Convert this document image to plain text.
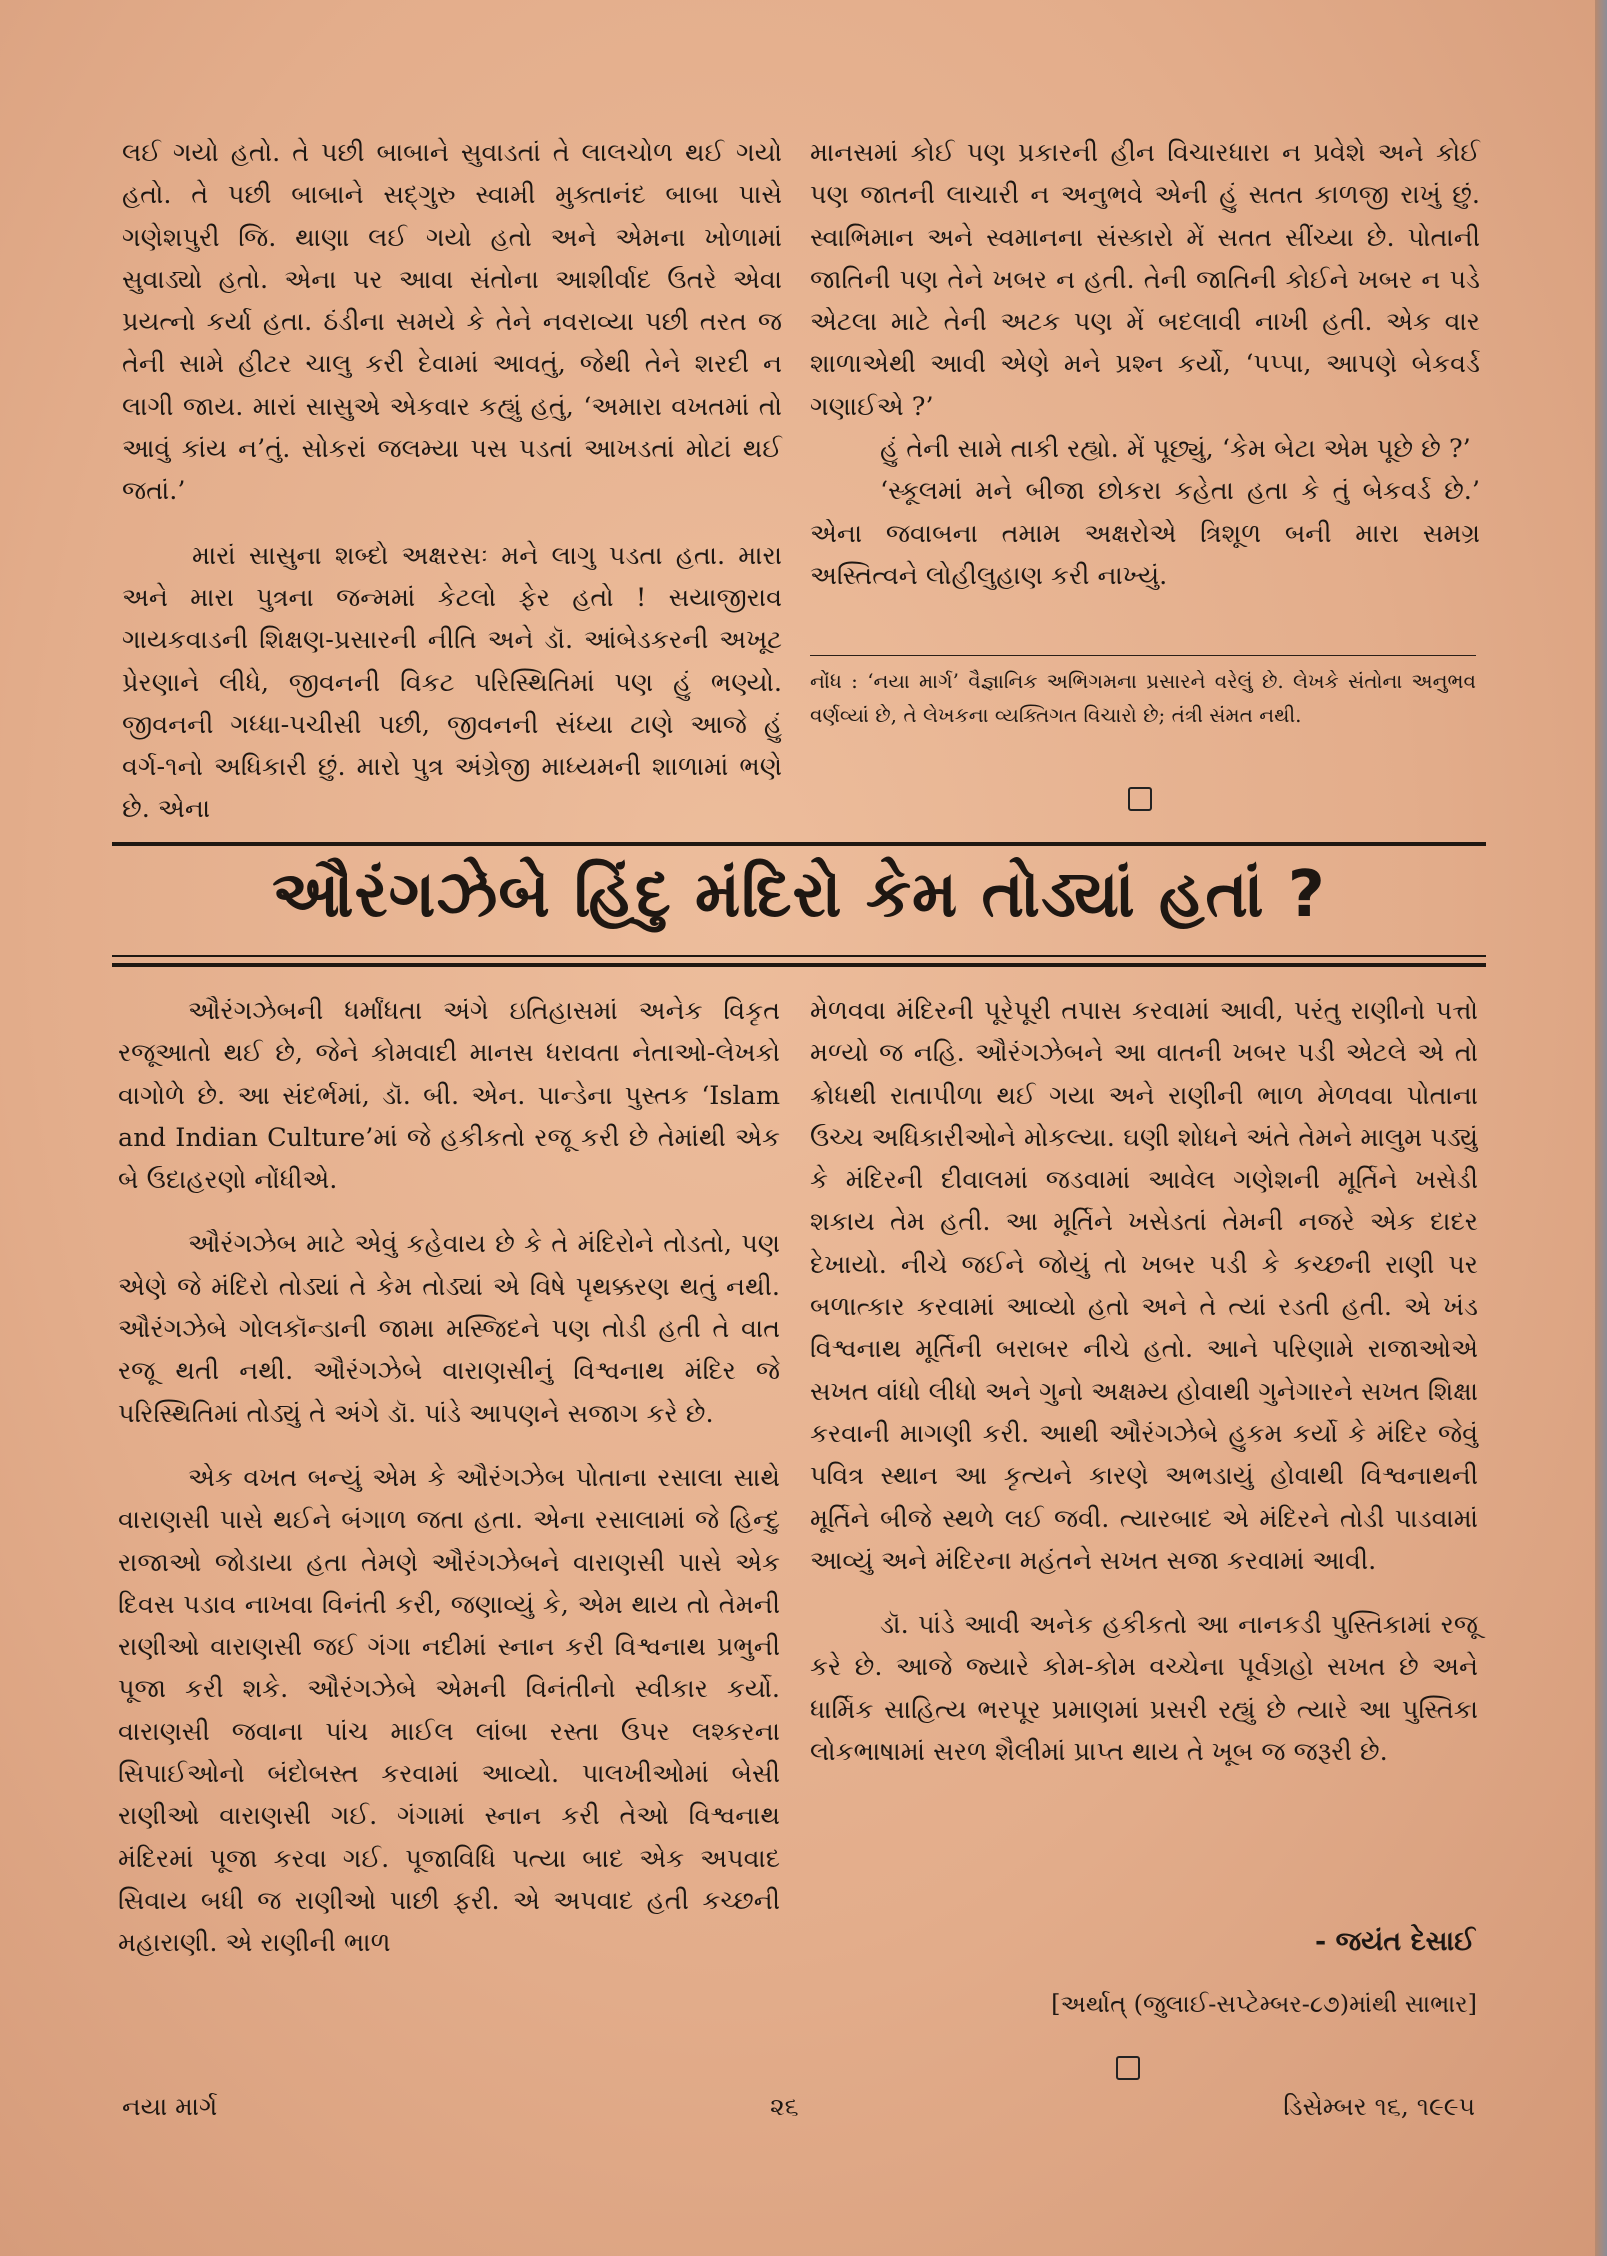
લઈ ગયો હતો. તે પછી બાબાને સુવાડતાં તે લાલચોળ થઈ ગયો હતો. તે પછી બાબાને સદ્ગુરુ સ્વામી મુક્તાનંદ બાબા પાસે ગણેશપુરી જિ. થાણા લઈ ગયો હતો અને એમના ખોળામાં સુવાડ્યો હતો. એના પર આવા સંતોના આશીર્વાદ ઉતરે એવા પ્રયત્નો કર્યા હતા. ઠંડીના સમયે કે તેને નવરાવ્યા પછી તરત જ તેની સામે હીટર ચાલુ કરી દેવામાં આવતું, જેથી તેને શરદી ન લાગી જાય. મારાં સાસુએ એકવાર કહ્યું હતું, ‘અમારા વખતમાં તો આવું કાંય ન’તું. સોકરાં જલમ્યા પસ પડતાં આખડતાં મોટાં થઈ જતાં.’

મારાં સાસુના શબ્દો અક્ષરસઃ મને લાગુ પડતા હતા. મારા અને મારા પુત્રના જન્મમાં કેટલો ફેર હતો ! સયાજીરાવ ગાયકવાડની શિક્ષણ-પ્રસારની નીતિ અને ડૉ. આંબેડકરની અખૂટ પ્રેરણાને લીધે, જીવનની વિકટ પરિસ્થિતિમાં પણ હું ભણ્યો. જીવનની ગધ્ધા-પચીસી પછી, જીવનની સંધ્યા ટાણે આજે હું વર્ગ-૧નો અધિકારી છું. મારો પુત્ર અંગ્રેજી માધ્યમની શાળામાં ભણે છે. એના

માનસમાં કોઈ પણ પ્રકારની હીન વિચારધારા ન પ્રવેશે અને કોઈ પણ જાતની લાચારી ન અનુભવે એની હું સતત કાળજી રાખું છું. સ્વાભિમાન અને સ્વમાનના સંસ્કારો મેં સતત સીંચ્યા છે. પોતાની જાતિની પણ તેને ખબર ન હતી. તેની જાતિની કોઈને ખબર ન પડે એટલા માટે તેની અટક પણ મેં બદલાવી નાખી હતી. એક વાર શાળાએથી આવી એણે મને પ્રશ્ન કર્યો, ‘પપ્પા, આપણે બેકવર્ડ ગણાઈએ ?’

હું તેની સામે તાકી રહ્યો. મેં પૂછ્યું, ‘કેમ બેટા એમ પૂછે છે ?’

‘સ્કૂલમાં મને બીજા છોકરા કહેતા હતા કે તું બેકવર્ડ છે.’ એના જવાબના તમામ અક્ષરોએ ત્રિશૂળ બની મારા સમગ્ર અસ્તિત્વને લોહીલુહાણ કરી નાખ્યું.

નોંધ : ‘નયા માર્ગ’ વૈજ્ઞાનિક અભિગમના પ્રસારને વરેલું છે. લેખકે સંતોના અનુભવ વર્ણવ્યાં છે, તે લેખકના વ્યક્તિગત વિચારો છે; તંત્રી સંમત નથી.
ઔરંગઝેબે હિંદુ મંદિરો કેમ તોડ્યાં હતાં ?

ઔરંગઝેબની ધર્માંધતા અંગે ઇતિહાસમાં અનેક વિકૃત રજૂઆતો થઈ છે, જેને કોમવાદી માનસ ધરાવતા નેતાઓ-લેખકો વાગોળે છે. આ સંદર્ભમાં, ડૉ. બી. એન. પાન્ડેના પુસ્તક ‘Islam and Indian Culture’માં જે હકીકતો રજૂ કરી છે તેમાંથી એક બે ઉદાહરણો નોંધીએ.

ઔરંગઝેબ માટે એવું કહેવાય છે કે તે મંદિરોને તોડતો, પણ એણે જે મંદિરો તોડ્યાં તે કેમ તોડ્યાં એ વિષે પૃથક્કરણ થતું નથી. ઔરંગઝેબે ગોલકૉન્ડાની જામા મસ્જિદને પણ તોડી હતી તે વાત રજૂ થતી નથી. ઔરંગઝેબે વારાણસીનું વિશ્વનાથ મંદિર જે પરિસ્થિતિમાં તોડ્યું તે અંગે ડૉ. પાંડે આપણને સજાગ કરે છે.

એક વખત બન્યું એમ કે ઔરંગઝેબ પોતાના રસાલા સાથે વારાણસી પાસે થઈને બંગાળ જતા હતા. એના રસાલામાં જે હિન્દુ રાજાઓ જોડાયા હતા તેમણે ઔરંગઝેબને વારાણસી પાસે એક દિવસ પડાવ નાખવા વિનંતી કરી, જણાવ્યું કે, એમ થાય તો તેમની રાણીઓ વારાણસી જઈ ગંગા નદીમાં સ્નાન કરી વિશ્વનાથ પ્રભુની પૂજા કરી શકે. ઔરંગઝેબે એમની વિનંતીનો સ્વીકાર કર્યો. વારાણસી જવાના પાંચ માઈલ લાંબા રસ્તા ઉપર લશ્કરના સિપાઈઓનો બંદોબસ્ત કરવામાં આવ્યો. પાલખીઓમાં બેસી રાણીઓ વારાણસી ગઈ. ગંગામાં સ્નાન કરી તેઓ વિશ્વનાથ મંદિરમાં પૂજા કરવા ગઈ. પૂજાવિધિ પત્યા બાદ એક અપવાદ સિવાય બધી જ રાણીઓ પાછી ફરી. એ અપવાદ હતી કચ્છની મહારાણી. એ રાણીની ભાળ

મેળવવા મંદિરની પૂરેપૂરી તપાસ કરવામાં આવી, પરંતુ રાણીનો પત્તો મળ્યો જ નહિ. ઔરંગઝેબને આ વાતની ખબર પડી એટલે એ તો ક્રોધથી રાતાપીળા થઈ ગયા અને રાણીની ભાળ મેળવવા પોતાના ઉચ્ચ અધિકારીઓને મોકલ્યા. ઘણી શોધને અંતે તેમને માલુમ પડ્યું કે મંદિરની દીવાલમાં જડવામાં આવેલ ગણેશની મૂર્તિને ખસેડી શકાય તેમ હતી. આ મૂર્તિને ખસેડતાં તેમની નજરે એક દાદર દેખાયો. નીચે જઈને જોયું તો ખબર પડી કે કચ્છની રાણી પર બળાત્કાર કરવામાં આવ્યો હતો અને તે ત્યાં રડતી હતી. એ ખંડ વિશ્વનાથ મૂર્તિની બરાબર નીચે હતો. આને પરિણામે રાજાઓએ સખત વાંધો લીધો અને ગુનો અક્ષમ્ય હોવાથી ગુનેગારને સખત શિક્ષા કરવાની માગણી કરી. આથી ઔરંગઝેબે હુકમ કર્યો કે મંદિર જેવું પવિત્ર સ્થાન આ કૃત્યને કારણે અભડાયું હોવાથી વિશ્વનાથની મૂર્તિને બીજે સ્થળે લઈ જવી. ત્યારબાદ એ મંદિરને તોડી પાડવામાં આવ્યું અને મંદિરના મહંતને સખત સજા કરવામાં આવી.

ડૉ. પાંડે આવી અનેક હકીકતો આ નાનકડી પુસ્તિકામાં રજૂ કરે છે. આજે જ્યારે કોમ-કોમ વચ્ચેના પૂર્વગ્રહો સખત છે અને ધાર્મિક સાહિત્ય ભરપૂર પ્રમાણમાં પ્રસરી રહ્યું છે ત્યારે આ પુસ્તિકા લોકભાષામાં સરળ શૈલીમાં પ્રાપ્ત થાય તે ખૂબ જ જરૂરી છે.

- જયંત દેસાઈ
[અર્થાત્ (જુલાઈ-સપ્ટેમ્બર-૮૭)માંથી સાભાર]
નયા માર્ગ	૨૬	ડિસેમ્બર ૧૬, ૧૯૯૫
